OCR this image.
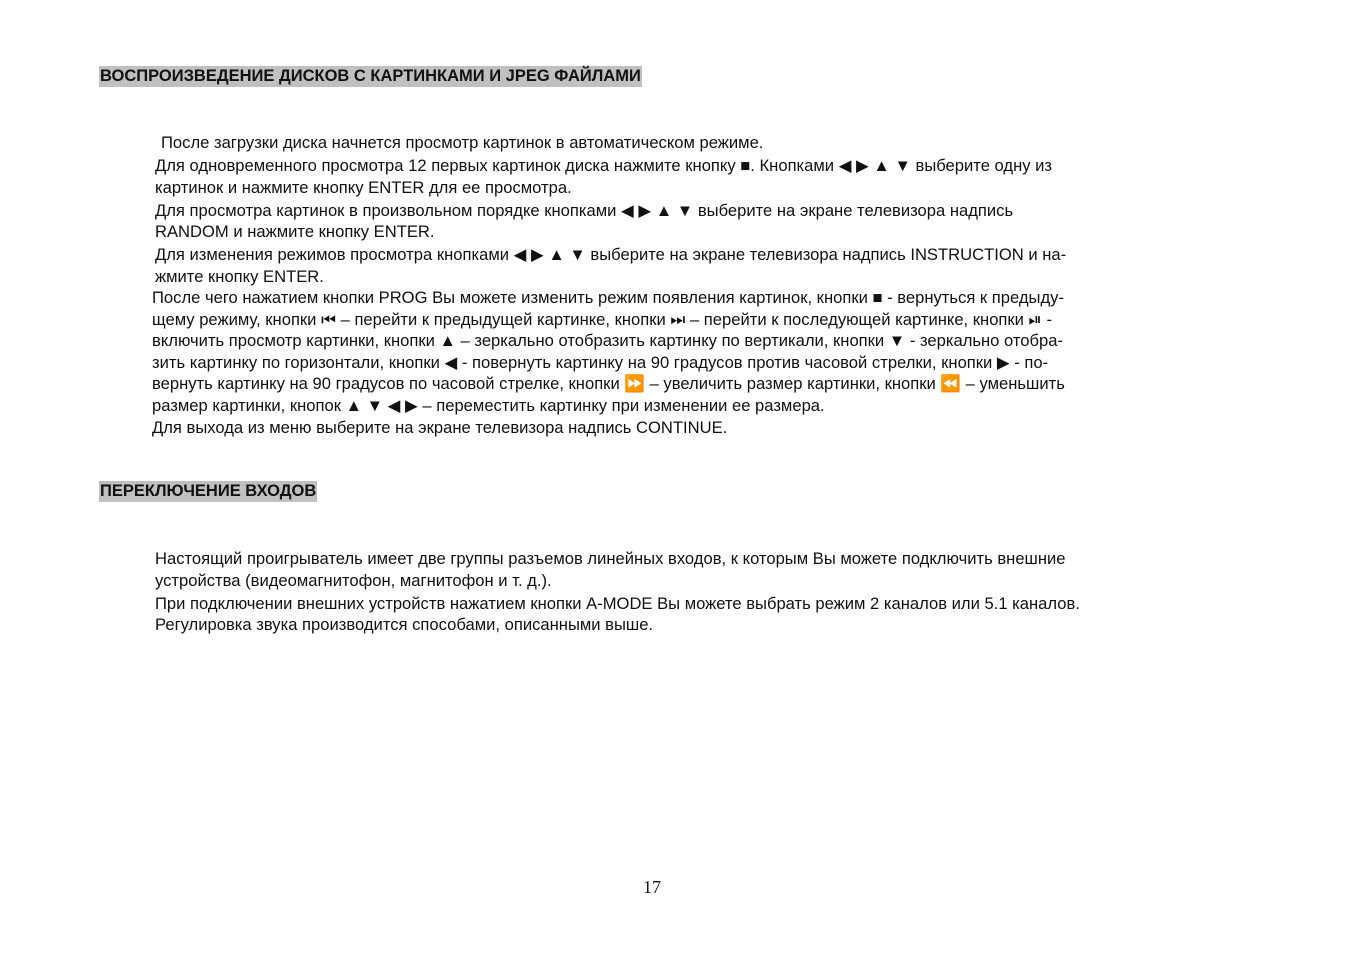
ВОСПРОИЗВЕДЕНИЕ ДИСКОВ С КАРТИНКАМИ И JPEG ФАЙЛАМИ
После загрузки диска начнется просмотр картинок в автоматическом режиме.
Для одновременного просмотра 12 первых картинок диска нажмите кнопку ■. Кнопками ◀ ▶ ▲ ▼ выберите одну из
картинок и нажмите кнопку ENTER для ее просмотра.
Для просмотра картинок в произвольном порядке кнопками ◀ ▶ ▲ ▼ выберите на экране телевизора надпись
RANDOM и нажмите кнопку ENTER.
Для изменения режимов просмотра кнопками ◀ ▶ ▲ ▼ выберите на экране телевизора надпись INSTRUCTION и на-
жмите кнопку ENTER.
После чего нажатием кнопки PROG Вы можете изменить режим появления картинок, кнопки ■ - вернуться к предыду-
щему режиму, кнопки ⏮ – перейти к предыдущей картинке, кнопки ⏭ – перейти к последующей картинке, кнопки ⏯ -
включить просмотр картинки, кнопки ▲ – зеркально отобразить картинку по вертикали, кнопки ▼ - зеркально отобра-
зить картинку по горизонтали, кнопки ◀ - повернуть картинку на 90 градусов против часовой стрелки, кнопки ▶ - по-
вернуть картинку на 90 градусов по часовой стрелке, кнопки ⏩ – увеличить размер картинки, кнопки ⏪ – уменьшить
размер картинки, кнопок ▲ ▼ ◀ ▶ – переместить картинку при изменении ее размера.
Для выхода из меню выберите на экране телевизора надпись CONTINUE.
ПЕРЕКЛЮЧЕНИЕ ВХОДОВ
Настоящий проигрыватель имеет две группы разъемов линейных входов, к которым Вы можете подключить внешние
устройства (видеомагнитофон, магнитофон и т. д.).
При подключении внешних устройств нажатием кнопки A-MODE Вы можете выбрать режим 2 каналов или 5.1 каналов.
Регулировка звука производится способами, описанными выше.
17
